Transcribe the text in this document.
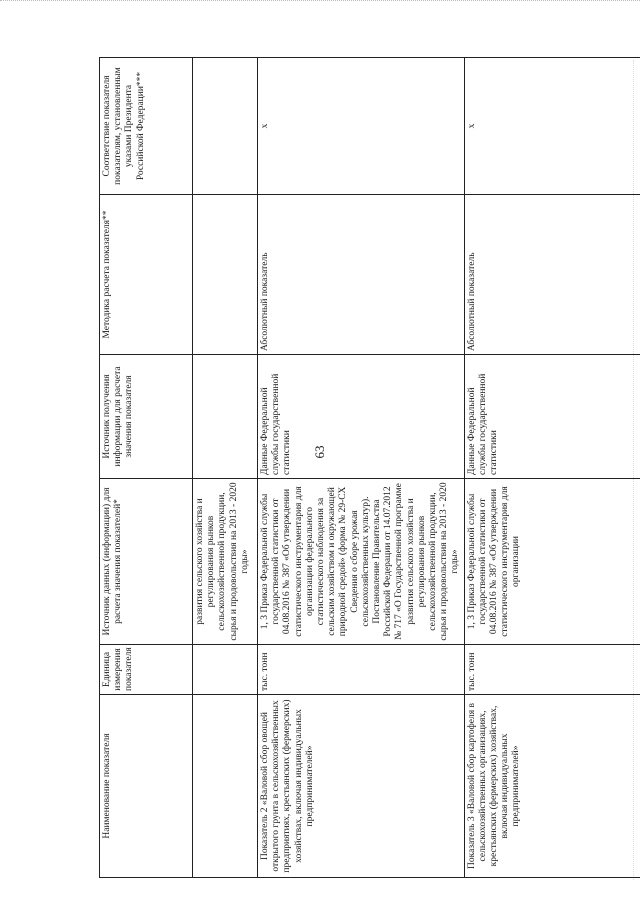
63
Наименование показателя	Единица измерения показателя	Источник данных (информации) для расчета значения показателей*	Источник получения информации для расчета значения показателя	Методика расчета показателя**	Соответствие показателя показателям, установленным указами Президента Российской Федерации***
		развития сельского хозяйства и регулирования рынков сельскохозяйственной продукции, сырья и продовольствия на 2013 - 2020 годы»			
Показатель 2 «Валовой сбор овощей открытого грунта в сельскохозяйственных предприятиях, крестьянских (фермерских) хозяйствах, включая индивидуальных предпринимателей»	тыс. тонн	1, 3 Приказ Федеральной службы государственной статистики от 04.08.2016 № 387 «Об утверждении статистического инструментария для организации федерального статистического наблюдения за сельским хозяйством и окружающей природной средой» (форма № 29-СХ Сведения о сборе урожая сельскохозяйственных культур). Постановление Правительства Российской Федерации от 14.07.2012 № 717 «О Государственной программе развития сельского хозяйства и регулирования рынков сельскохозяйственной продукции, сырья и продовольствия на 2013 - 2020 годы»	Данные Федеральной службы государственной статистики	Абсолютный показатель	х
Показатель 3 «Валовой сбор картофеля в сельскохозяйственных организациях, крестьянских (фермерских) хозяйствах, включая индивидуальных предпринимателей»	тыс. тонн	1, 3 Приказ Федеральной службы государственной статистики от 04.08.2016 № 387 «Об утверждении статистического инструментария для организации	Данные Федеральной службы государственной статистики	Абсолютный показатель	х
